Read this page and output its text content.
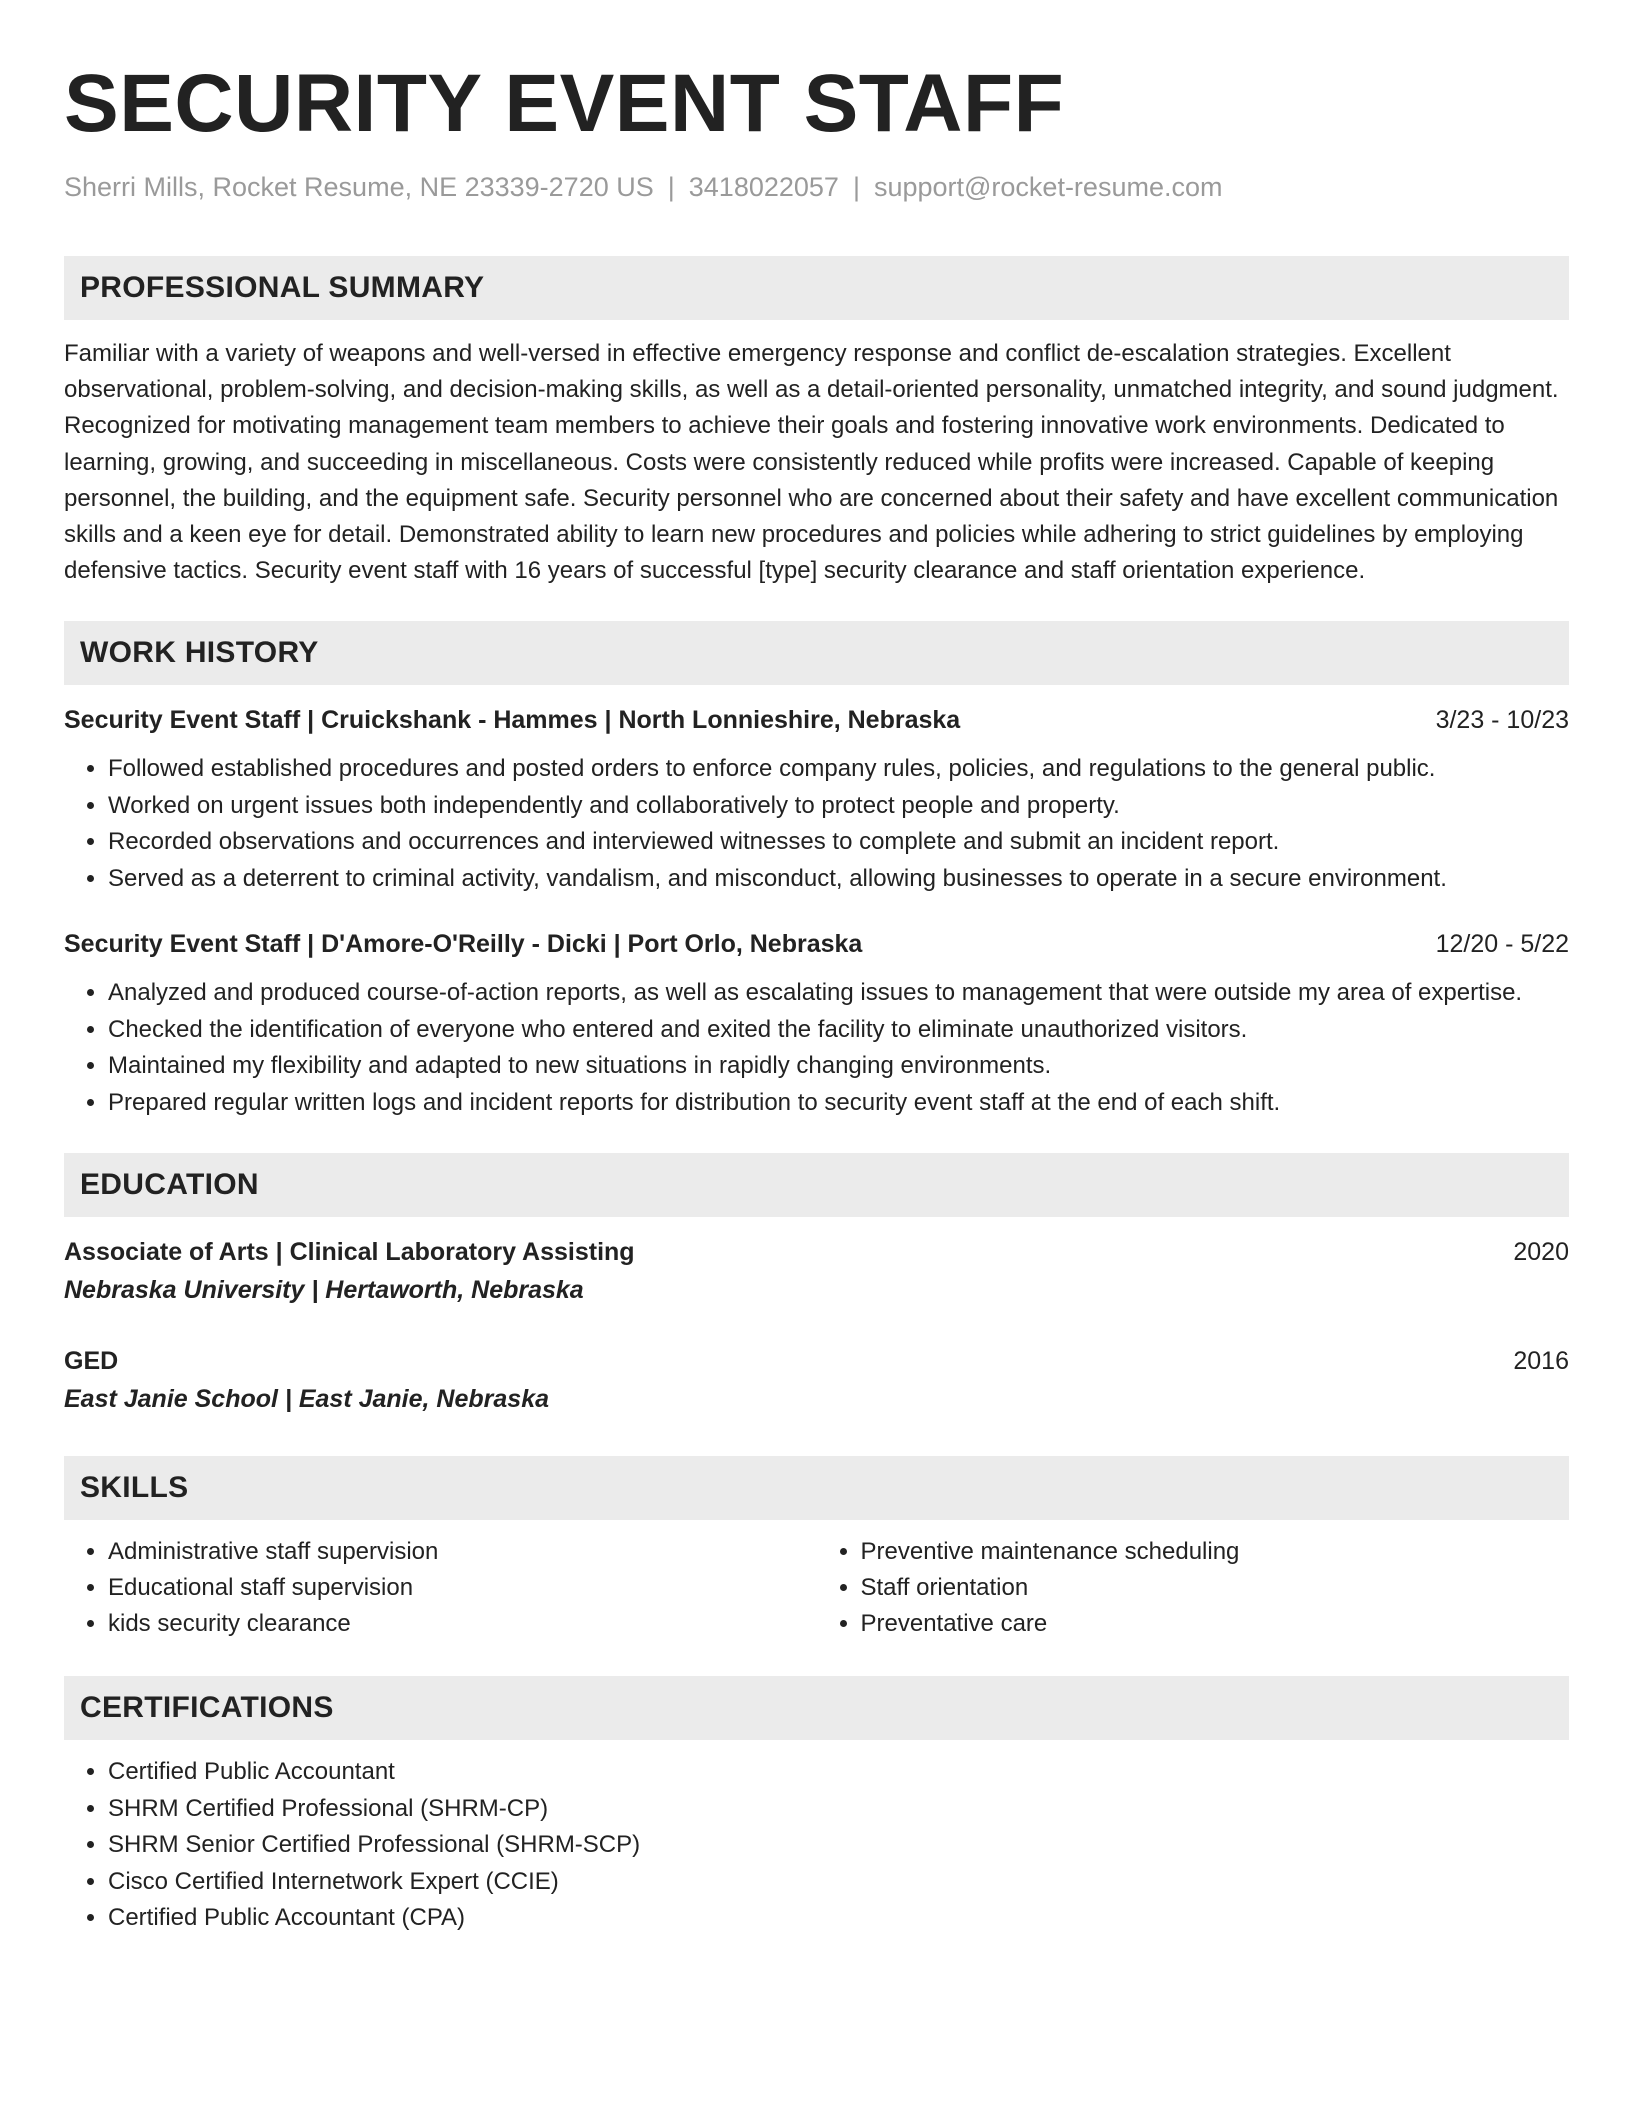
SECURITY EVENT STAFF
Sherri Mills, Rocket Resume, NE 23339-2720 US | 3418022057 | support@rocket-resume.com
PROFESSIONAL SUMMARY
Familiar with a variety of weapons and well-versed in effective emergency response and conflict de-escalation strategies. Excellent observational, problem-solving, and decision-making skills, as well as a detail-oriented personality, unmatched integrity, and sound judgment. Recognized for motivating management team members to achieve their goals and fostering innovative work environments. Dedicated to learning, growing, and succeeding in miscellaneous. Costs were consistently reduced while profits were increased. Capable of keeping personnel, the building, and the equipment safe. Security personnel who are concerned about their safety and have excellent communication skills and a keen eye for detail. Demonstrated ability to learn new procedures and policies while adhering to strict guidelines by employing defensive tactics. Security event staff with 16 years of successful [type] security clearance and staff orientation experience.
WORK HISTORY
Security Event Staff | Cruickshank - Hammes | North Lonnieshire, Nebraska	3/23 - 10/23
• Followed established procedures and posted orders to enforce company rules, policies, and regulations to the general public.
• Worked on urgent issues both independently and collaboratively to protect people and property.
• Recorded observations and occurrences and interviewed witnesses to complete and submit an incident report.
• Served as a deterrent to criminal activity, vandalism, and misconduct, allowing businesses to operate in a secure environment.
Security Event Staff | D'Amore-O'Reilly - Dicki | Port Orlo, Nebraska	12/20 - 5/22
• Analyzed and produced course-of-action reports, as well as escalating issues to management that were outside my area of expertise.
• Checked the identification of everyone who entered and exited the facility to eliminate unauthorized visitors.
• Maintained my flexibility and adapted to new situations in rapidly changing environments.
• Prepared regular written logs and incident reports for distribution to security event staff at the end of each shift.
EDUCATION
Associate of Arts | Clinical Laboratory Assisting	2020
Nebraska University | Hertaworth, Nebraska
GED	2016
East Janie School | East Janie, Nebraska
SKILLS
• Administrative staff supervision
• Educational staff supervision
• kids security clearance
• Preventive maintenance scheduling
• Staff orientation
• Preventative care
CERTIFICATIONS
• Certified Public Accountant
• SHRM Certified Professional (SHRM-CP)
• SHRM Senior Certified Professional (SHRM-SCP)
• Cisco Certified Internetwork Expert (CCIE)
• Certified Public Accountant (CPA)
